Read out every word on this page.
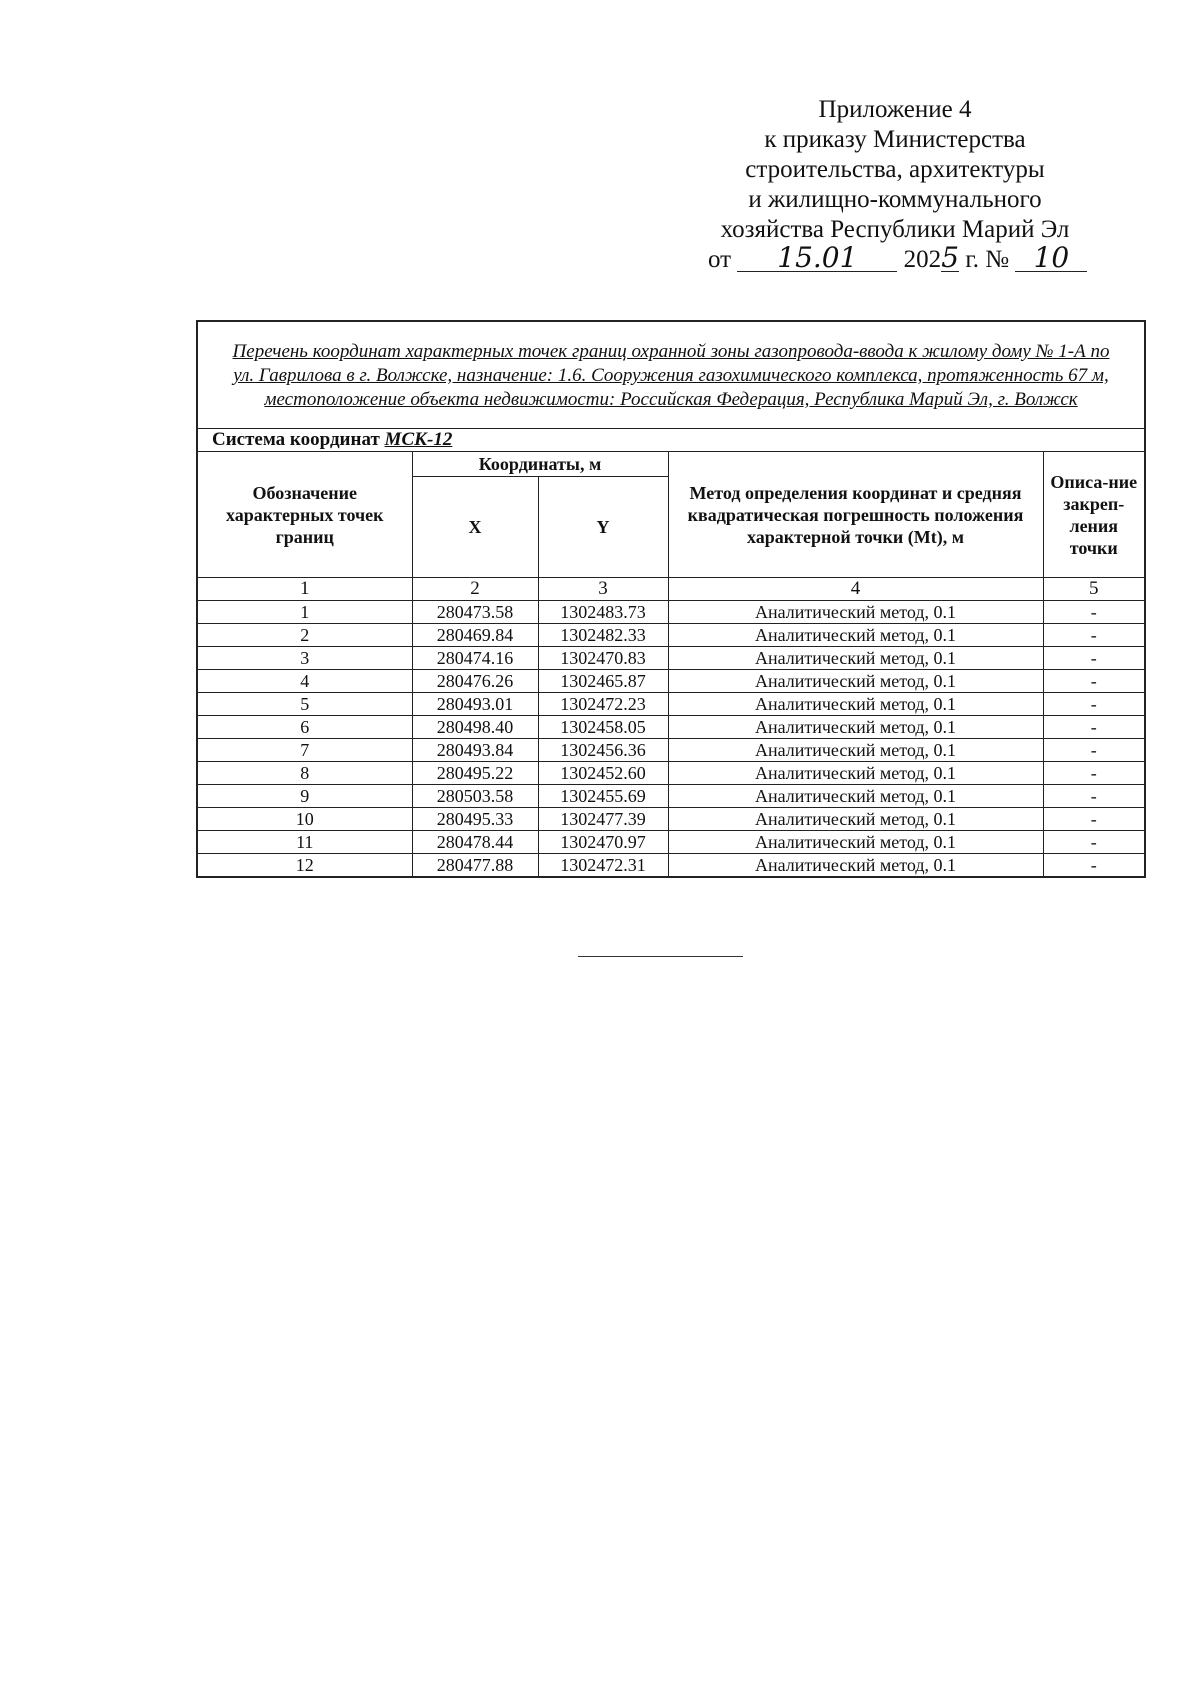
Приложение 4
к приказу Министерства
строительства, архитектуры
и жилищно-коммунального
хозяйства Республики Марий Эл
от 15.01 2025 г. № 10
Перечень координат характерных точек границ охранной зоны газопровода-ввода к жилому дому № 1-А по ул. Гаврилова в г. Волжске, назначение: 1.6. Сооружения газохимического комплекса, протяженность 67 м, местоположение объекта недвижимости: Российская Федерация, Республика Марий Эл, г. Волжск				
Система координат МСК-12				
Обозначение характерных точек границ	Координаты, м		Метод определения координат и средняя квадратическая погрешность положения характерной точки (Mt), м	Описа-ние закреп-ления точки
	X	Y		
1	2	3	4	5
1	280473.58	1302483.73	Аналитический метод, 0.1	-
2	280469.84	1302482.33	Аналитический метод, 0.1	-
3	280474.16	1302470.83	Аналитический метод, 0.1	-
4	280476.26	1302465.87	Аналитический метод, 0.1	-
5	280493.01	1302472.23	Аналитический метод, 0.1	-
6	280498.40	1302458.05	Аналитический метод, 0.1	-
7	280493.84	1302456.36	Аналитический метод, 0.1	-
8	280495.22	1302452.60	Аналитический метод, 0.1	-
9	280503.58	1302455.69	Аналитический метод, 0.1	-
10	280495.33	1302477.39	Аналитический метод, 0.1	-
11	280478.44	1302470.97	Аналитический метод, 0.1	-
12	280477.88	1302472.31	Аналитический метод, 0.1	-
